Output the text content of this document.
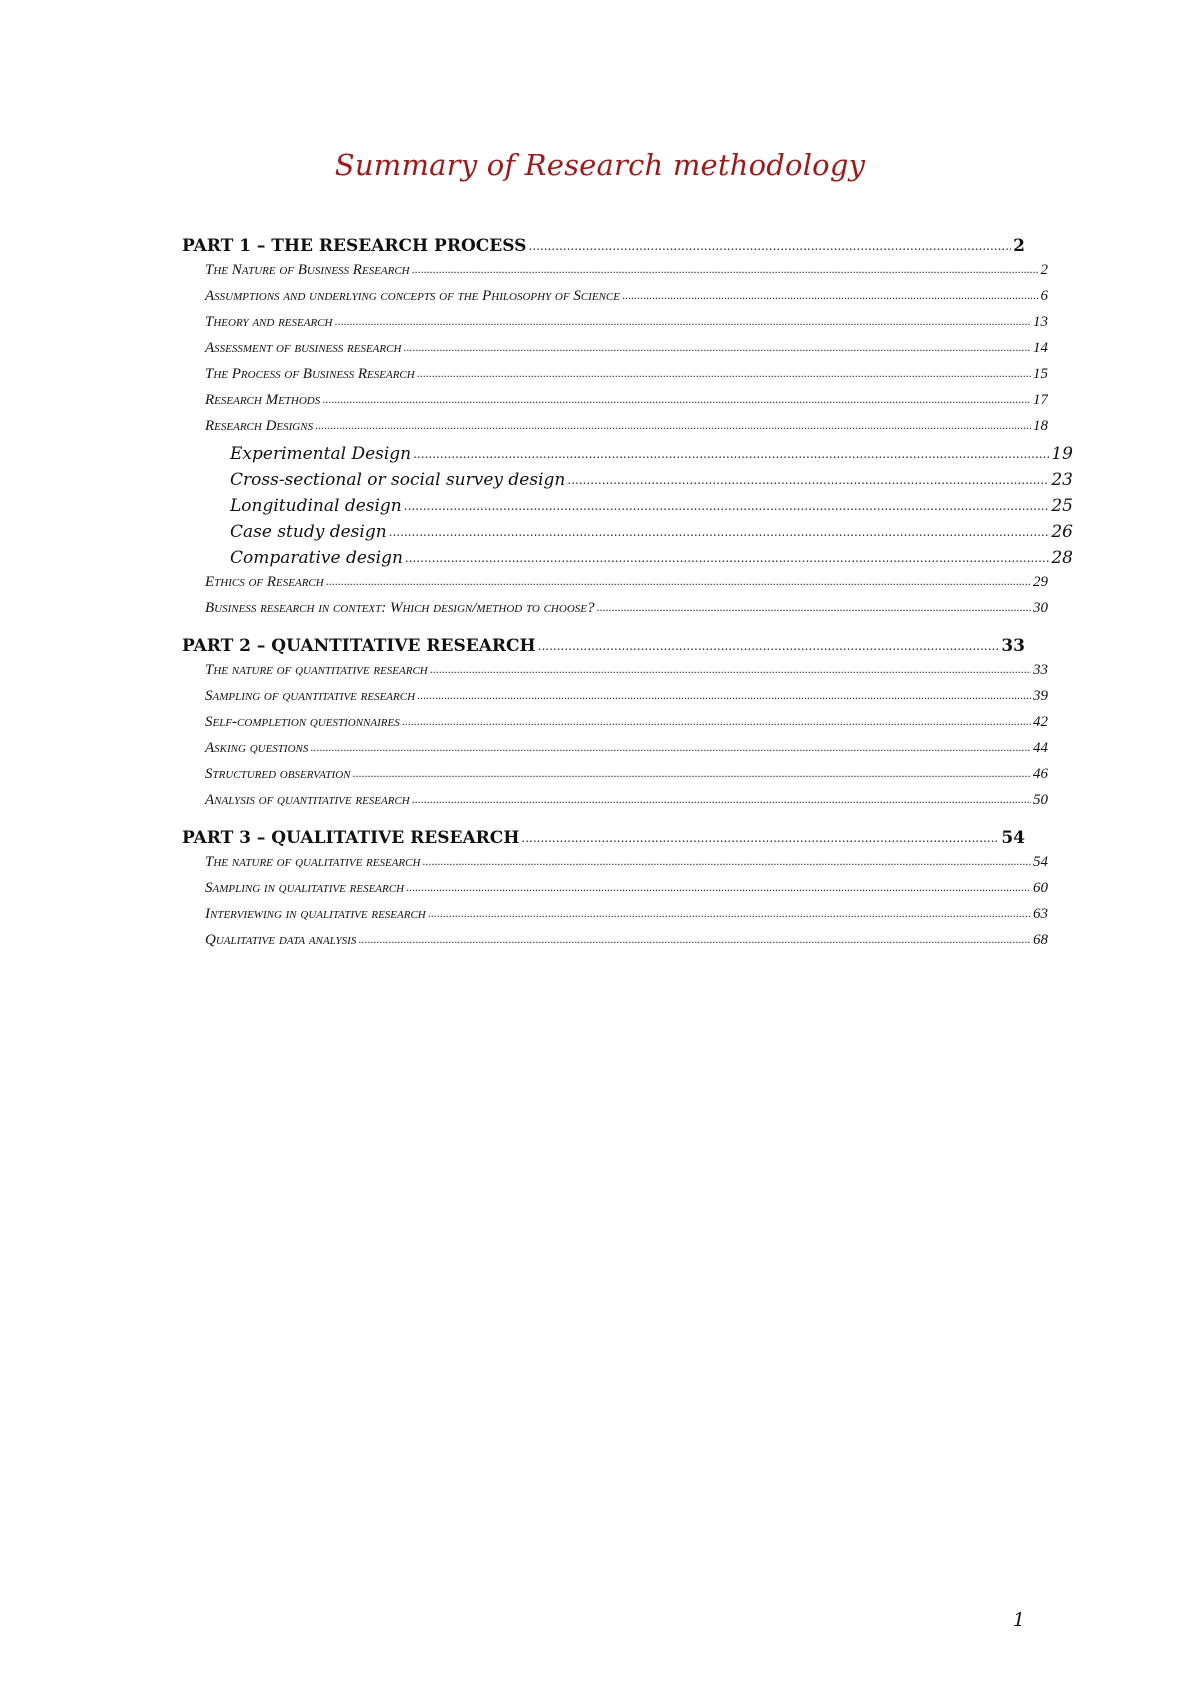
Summary of Research methodology
PART 1 – THE RESEARCH PROCESS .....	2
The Nature of Business Research .....	2
Assumptions and underlying concepts of the Philosophy of Science .....	6
Theory and research .....	13
Assessment of business research .....	14
The Process of Business Research .....	15
Research Methods .....	17
Research Designs .....	18
Experimental Design .....	19
Cross-sectional or social survey design .....	23
Longitudinal design .....	25
Case study design .....	26
Comparative design .....	28
Ethics of Research .....	29
Business research in context: Which design/method to choose? .....	30
PART 2 – QUANTITATIVE RESEARCH .....	33
The nature of quantitative research .....	33
Sampling of quantitative research .....	39
Self-completion questionnaires .....	42
Asking questions .....	44
Structured observation .....	46
Analysis of quantitative research .....	50
PART 3 – QUALITATIVE RESEARCH .....	54
The nature of qualitative research .....	54
Sampling in qualitative research .....	60
Interviewing in qualitative research .....	63
Qualitative data analysis .....	68
1
